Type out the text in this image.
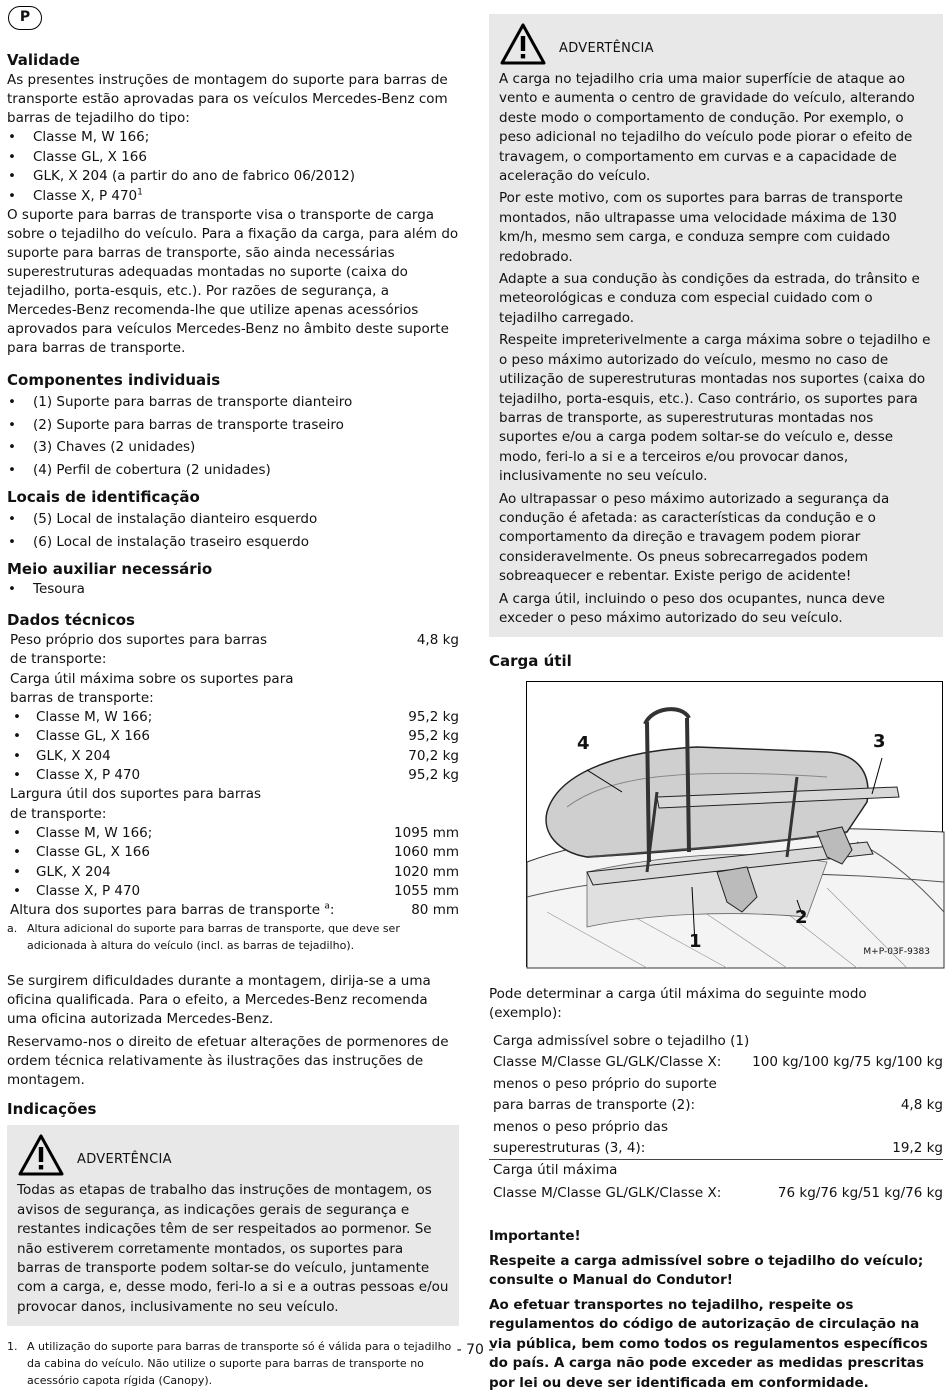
P
Validade

As presentes instruções de montagem do suporte para barras de transporte estão aprovadas para os veículos Mercedes-Benz com barras de tejadilho do tipo:

• Classe M, W 166;
• Classe GL, X 166
• GLK, X 204 (a partir do ano de fabrico 06/2012)
• Classe X, P $470^1$

O suporte para barras de transporte visa o transporte de carga sobre o tejadilho do veículo. Para a fixação da carga, para além do suporte para barras de transporte, são ainda necessárias superestruturas adequadas montadas no suporte (caixa do tejadilho, porta-esquis, etc.). Por razões de segurança, a Mercedes-Benz recomenda-lhe que utilize apenas acessórios aprovados para veículos Mercedes-Benz no âmbito deste suporte para barras de transporte.

Componentes individuais
• (1) Suporte para barras de transporte dianteiro
• (2) Suporte para barras de transporte traseiro
• (3) Chaves (2 unidades)
• (4) Perfil de cobertura (2 unidades)
Locais de identificação
• (5) Local de instalação dianteiro esquerdo
• (6) Local de instalação traseiro esquerdo
Meio auxiliar necessário
• Tesoura
Dados técnicos
Peso próprio dos suportes para barras de transporte:
4,8 kg
Carga útil máxima sobre os suportes para barras de transporte:
• Classe M, W 166;	95,2 kg
• Classe GL, X 166	95,2 kg
• GLK, X 204	70,2 kg
• Classe X, P 470	95,2 kg
Largura útil dos suportes para barras de transporte:
• Classe M, W 166;	1095 mm
• Classe GL, X 166	1060 mm
• GLK, X 204	1020 mm
• Classe X, P 470	1055 mm
Altura dos suportes para barras de transporte $^a$:	80 mm
a. Altura adicional do suporte para barras de transporte, que deve ser adicionada à altura do veículo (incl. as barras de tejadilho).

Se surgirem dificuldades durante a montagem, dirija-se a uma oficina qualificada. Para o efeito, a Mercedes-Benz recomenda uma oficina autorizada Mercedes-Benz.

Reservamo-nos o direito de efetuar alterações de pormenores de ordem técnica relativamente às ilustrações das instruções de montagem.

Indicações
ADVERTÊNCIA

Todas as etapas de trabalho das instruções de montagem, os avisos de segurança, as indicações gerais de segurança e restantes indicações têm de ser respeitados ao pormenor. Se não estiverem corretamente montados, os suportes para barras de transporte podem soltar-se do veículo, juntamente com a carga, e, desse modo, feri-lo a si e a outras pessoas e/ou provocar danos, inclusivamente no seu veículo.

1. A utilização do suporte para barras de transporte só é válida para o tejadilho da cabina do veículo. Não utilize o suporte para barras de transporte no acessório capota rígida (Canopy).
ADVERTÊNCIA

A carga no tejadilho cria uma maior superfície de ataque ao vento e aumenta o centro de gravidade do veículo, alterando deste modo o comportamento de condução. Por exemplo, o peso adicional no tejadilho do veículo pode piorar o efeito de travagem, o comportamento em curvas e a capacidade de aceleração do veículo.

Por este motivo, com os suportes para barras de transporte montados, não ultrapasse uma velocidade máxima de 130 km/h, mesmo sem carga, e conduza sempre com cuidado redobrado.

Adapte a sua condução às condições da estrada, do trânsito e meteorológicas e conduza com especial cuidado com o tejadilho carregado.

Respeite impreterivelmente a carga máxima sobre o tejadilho e o peso máximo autorizado do veículo, mesmo no caso de utilização de superestruturas montadas nos suportes (caixa do tejadilho, porta-esquis, etc.). Caso contrário, os suportes para barras de transporte, as superestruturas montadas nos suportes e/ou a carga podem soltar-se do veículo e, desse modo, feri-lo a si e a terceiros e/ou provocar danos, inclusivamente no seu veículo.

Ao ultrapassar o peso máximo autorizado a segurança da condução é afetada: as características da condução e o comportamento da direção e travagem podem piorar consideravelmente. Os pneus sobrecarregados podem sobreaquecer e rebentar. Existe perigo de acidente!

A carga útil, incluindo o peso dos ocupantes, nunca deve exceder o peso máximo autorizado do seu veículo.

Carga útil
4	3
2
1	M+P-03F-9383

Pode determinar a carga útil máxima do seguinte modo (exemplo):

Carga admissível sobre o tejadilho (1)
Classe M/Classe GL/GLK/Classe X: 100 kg/100 kg/75 kg/100 kg
menos o peso próprio do suporte para barras de transporte (2):	4,8 kg
menos o peso próprio das superestruturas (3, 4):	19,2 kg
Carga útil máxima
Classe M/Classe GL/GLK/Classe X:	76 kg/76 kg/51 kg/76 kg

Importante!

Respeite a carga admissível sobre o tejadilho do veículo; consulte o Manual do Condutor!

Ao efetuar transportes no tejadilho, respeite os regulamentos do código de autorização de circulação na via pública, bem como todos os regulamentos específicos do país. A carga não pode exceder as medidas prescritas por lei ou deve ser identificada em conformidade.

- 70 -
